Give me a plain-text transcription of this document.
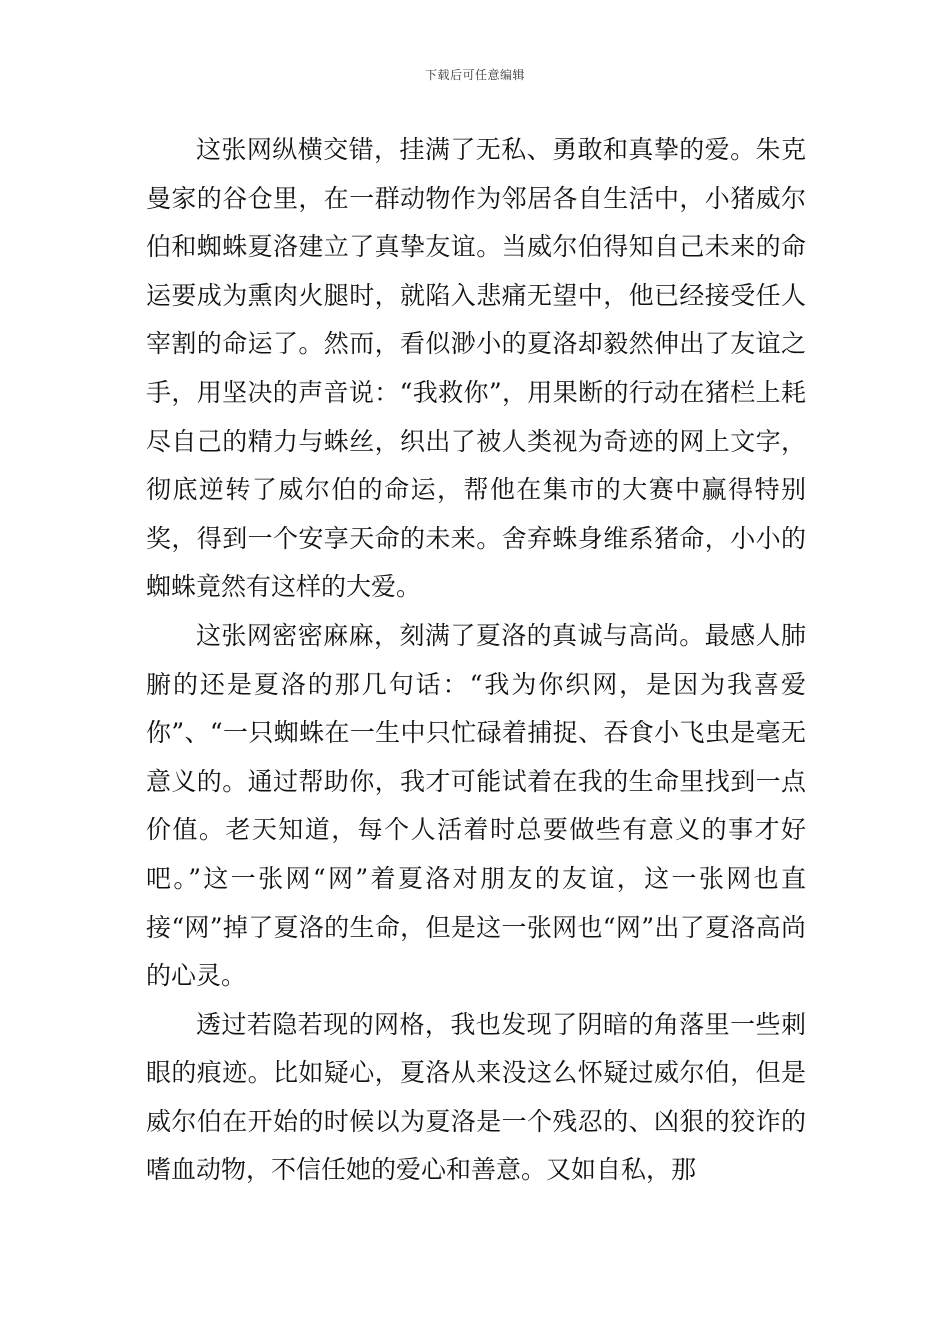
下载后可任意编辑

这张网纵横交错，挂满了无私、勇敢和真挚的爱。朱克曼家的谷仓里，在一群动物作为邻居各自生活中，小猪威尔伯和蜘蛛夏洛建立了真挚友谊。当威尔伯得知自己未来的命运要成为熏肉火腿时，就陷入悲痛无望中，他已经接受任人宰割的命运了。然而，看似渺小的夏洛却毅然伸出了友谊之手，用坚决的声音说：“我救你”，用果断的行动在猪栏上耗尽自己的精力与蛛丝，织出了被人类视为奇迹的网上文字，彻底逆转了威尔伯的命运，帮他在集市的大赛中赢得特别奖，得到一个安享天命的未来。舍弃蛛身维系猪命，小小的蜘蛛竟然有这样的大爱。

这张网密密麻麻，刻满了夏洛的真诚与高尚。最感人肺腑的还是夏洛的那几句话：“我为你织网，是因为我喜爱你”、“一只蜘蛛在一生中只忙碌着捕捉、吞食小飞虫是毫无意义的。通过帮助你，我才可能试着在我的生命里找到一点价值。老天知道，每个人活着时总要做些有意义的事才好吧。”这一张网“网”着夏洛对朋友的友谊，这一张网也直接“网”掉了夏洛的生命，但是这一张网也“网”出了夏洛高尚的心灵。

透过若隐若现的网格，我也发现了阴暗的角落里一些刺眼的痕迹。比如疑心，夏洛从来没这么怀疑过威尔伯，但是威尔伯在开始的时候以为夏洛是一个残忍的、凶狠的狡诈的嗜血动物，不信任她的爱心和善意。又如自私，那
